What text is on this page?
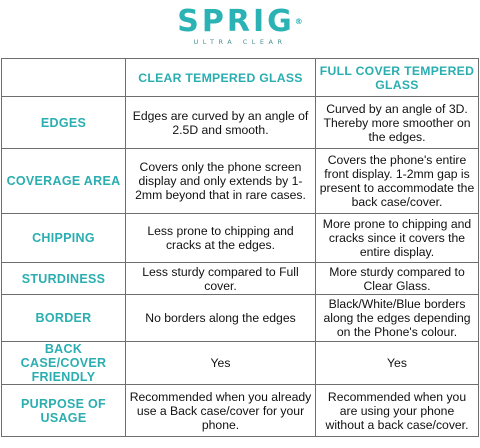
SPRIG®
ULTRA CLEAR
	CLEAR TEMPERED GLASS	FULL COVER TEMPERED GLASS
EDGES	Edges are curved by an angle of 2.5D and smooth.	Curved by an angle of 3D. Thereby more smoother on the edges.
COVERAGE AREA	Covers only the phone screen display and only extends by 1-2mm beyond that in rare cases.	Covers the phone's entire front display. 1-2mm gap is present to accommodate the back case/cover.
CHIPPING	Less prone to chipping and cracks at the edges.	More prone to chipping and cracks since it covers the entire display.
STURDINESS	Less sturdy compared to Full cover.	More sturdy compared to Clear Glass.
BORDER	No borders along the edges	Black/White/Blue borders along the edges depending on the Phone's colour.
BACK CASE/COVER FRIENDLY	Yes	Yes
PURPOSE OF USAGE	Recommended when you already use a Back case/cover for your phone.	Recommended when you are using your phone without a back case/cover.
